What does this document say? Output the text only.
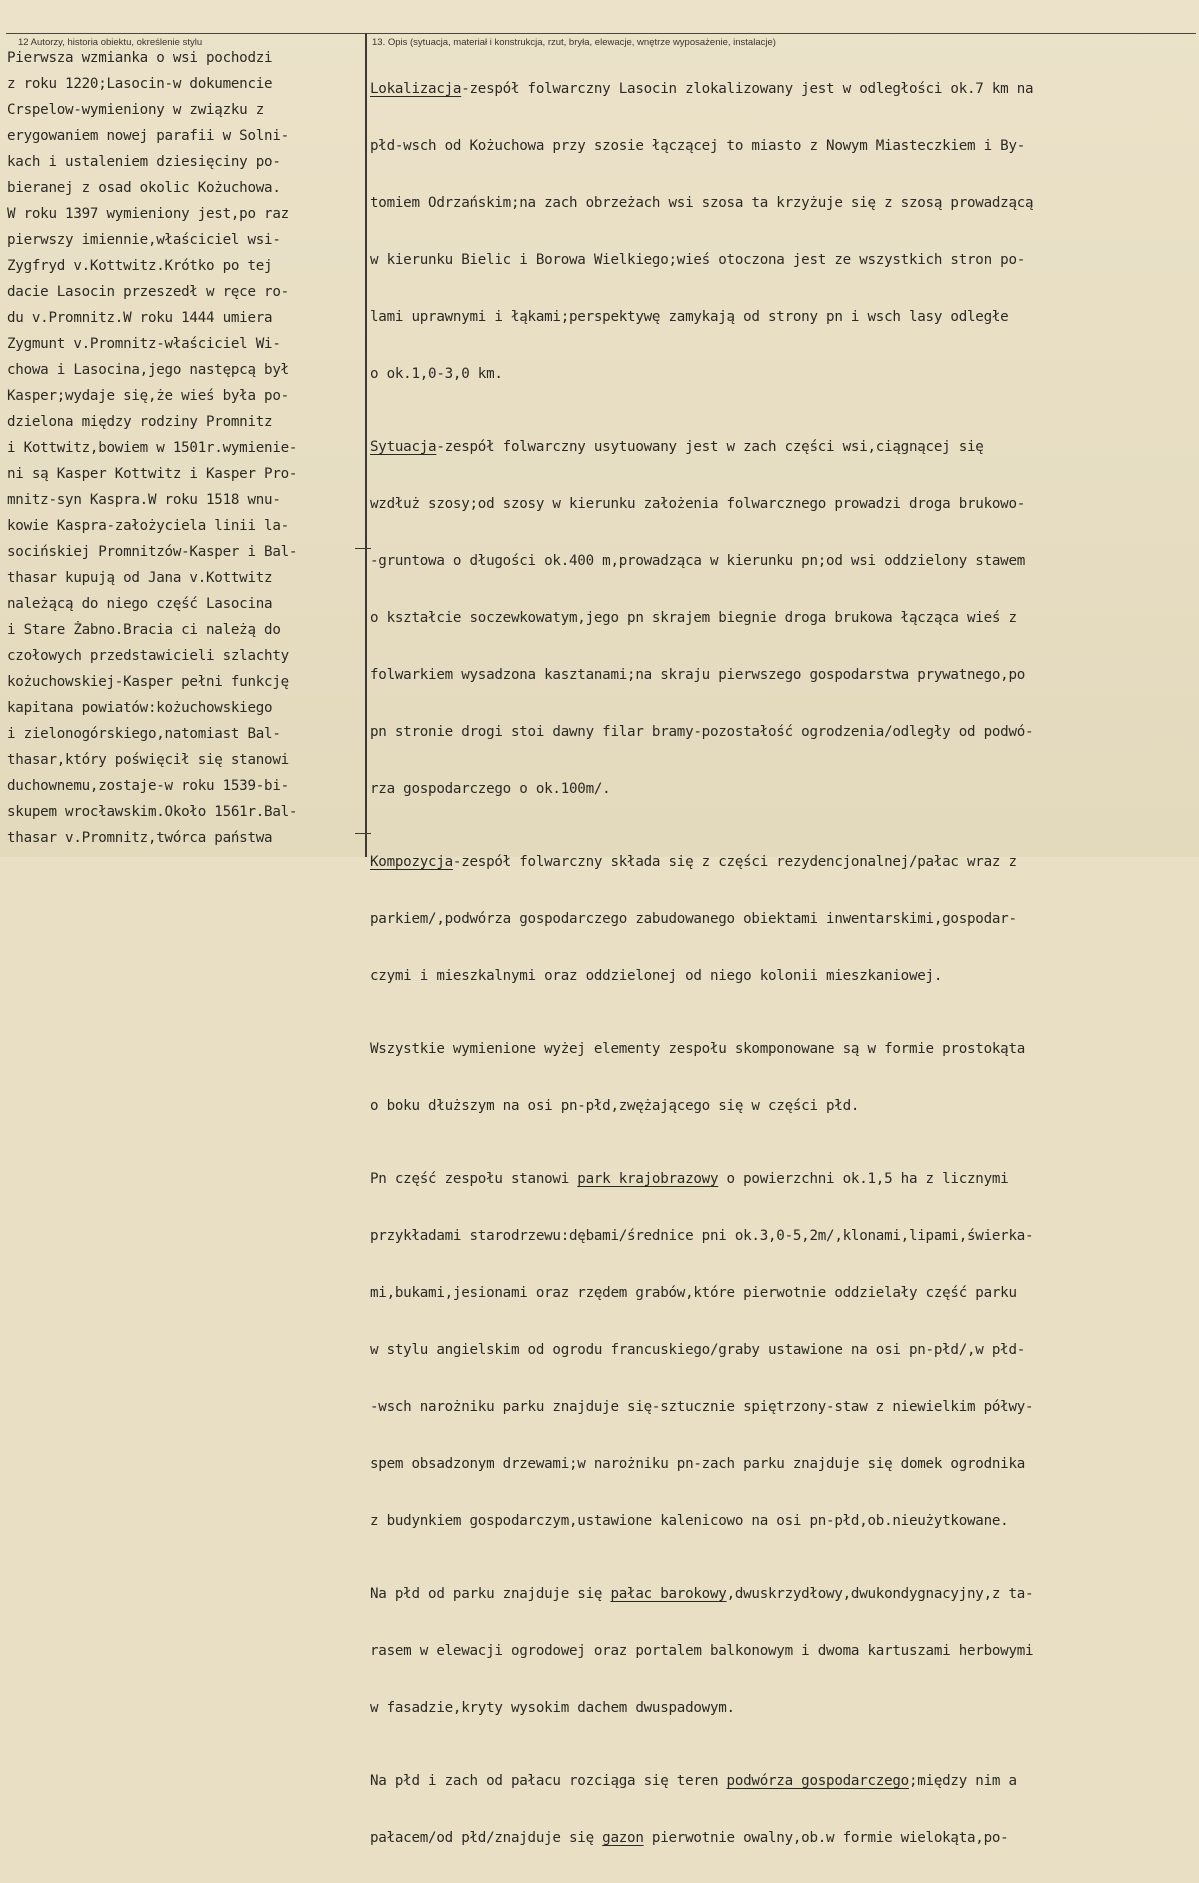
12 Autorzy, historia obiektu, określenie stylu	13. Opis (sytuacja, materiał i konstrukcja, rzut, bryła, elewacje, wnętrze wyposażenie, instalacje)
Pierwsza wzmianka o wsi pochodzi
z roku 1220;Lasocin-w dokumencie
Crspelow-wymieniony w związku z
erygowaniem nowej parafii w Solni-
kach i ustaleniem dziesięciny po-
bieranej z osad okolic Kożuchowa.
W roku 1397 wymieniony jest,po raz
pierwszy imiennie,właściciel wsi-
Zygfryd v.Kottwitz.Krótko po tej
dacie Lasocin przeszedł w ręce ro-
du v.Promnitz.W roku 1444 umiera
Zygmunt v.Promnitz-właściciel Wi-
chowa i Lasocina,jego następcą był
Kasper;wydaje się,że wieś była po-
dzielona między rodziny Promnitz
i Kottwitz,bowiem w 1501r.wymienie-
ni są Kasper Kottwitz i Kasper Pro-
mnitz-syn Kaspra.W roku 1518 wnu-
kowie Kaspra-założyciela linii la-
socińskiej Promnitzów-Kasper i Bal-
thasar kupują od Jana v.Kottwitz
należącą do niego część Lasocina
i Stare Żabno.Bracia ci należą do
czołowych przedstawicieli szlachty
kożuchowskiej-Kasper pełni funkcję
kapitana powiatów:kożuchowskiego
i zielonogórskiego,natomiast Bal-
thasar,który poświęcił się stanowi
duchownemu,zostaje-w roku 1539-bi-
skupem wrocławskim.Około 1561r.Bal-
thasar v.Promnitz,twórca państwa

Lokalizacja-zespół folwarczny Lasocin zlokalizowany jest w odległości ok.7 km na

płd-wsch od Kożuchowa przy szosie łączącej to miasto z Nowym Miasteczkiem i By-

tomiem Odrzańskim;na zach obrzeżach wsi szosa ta krzyżuje się z szosą prowadzącą

w kierunku Bielic i Borowa Wielkiego;wieś otoczona jest ze wszystkich stron po-

lami uprawnymi i łąkami;perspektywę zamykają od strony pn i wsch lasy odległe

o ok.1,0-3,0 km.

Sytuacja-zespół folwarczny usytuowany jest w zach części wsi,ciągnącej się

wzdłuż szosy;od szosy w kierunku założenia folwarcznego prowadzi droga brukowo-

-gruntowa o długości ok.400 m,prowadząca w kierunku pn;od wsi oddzielony stawem

o kształcie soczewkowatym,jego pn skrajem biegnie droga brukowa łącząca wieś z

folwarkiem wysadzona kasztanami;na skraju pierwszego gospodarstwa prywatnego,po

pn stronie drogi stoi dawny filar bramy-pozostałość ogrodzenia/odległy od podwó-

rza gospodarczego o ok.100m/.

Kompozycja-zespół folwarczny składa się z części rezydencjonalnej/pałac wraz z

parkiem/,podwórza gospodarczego zabudowanego obiektami inwentarskimi,gospodar-

czymi i mieszkalnymi oraz oddzielonej od niego kolonii mieszkaniowej.

Wszystkie wymienione wyżej elementy zespołu skomponowane są w formie prostokąta

o boku dłuższym na osi pn-płd,zwężającego się w części płd.

Pn część zespołu stanowi park krajobrazowy o powierzchni ok.1,5 ha z licznymi

przykładami starodrzewu:dębami/średnice pni ok.3,0-5,2m/,klonami,lipami,świerka-

mi,bukami,jesionami oraz rzędem grabów,które pierwotnie oddzielały część parku

w stylu angielskim od ogrodu francuskiego/graby ustawione na osi pn-płd/,w płd-

-wsch narożniku parku znajduje się-sztucznie spiętrzony-staw z niewielkim półwy-

spem obsadzonym drzewami;w narożniku pn-zach parku znajduje się domek ogrodnika

z budynkiem gospodarczym,ustawione kalenicowo na osi pn-płd,ob.nieużytkowane.

Na płd od parku znajduje się pałac barokowy,dwuskrzydłowy,dwukondygnacyjny,z ta-

rasem w elewacji ogrodowej oraz portalem balkonowym i dwoma kartuszami herbowymi

w fasadzie,kryty wysokim dachem dwuspadowym.

Na płd i zach od pałacu rozciąga się teren podwórza gospodarczego;między nim a

pałacem/od płd/znajduje się gazon pierwotnie owalny,ob.w formie wielokąta,po-
